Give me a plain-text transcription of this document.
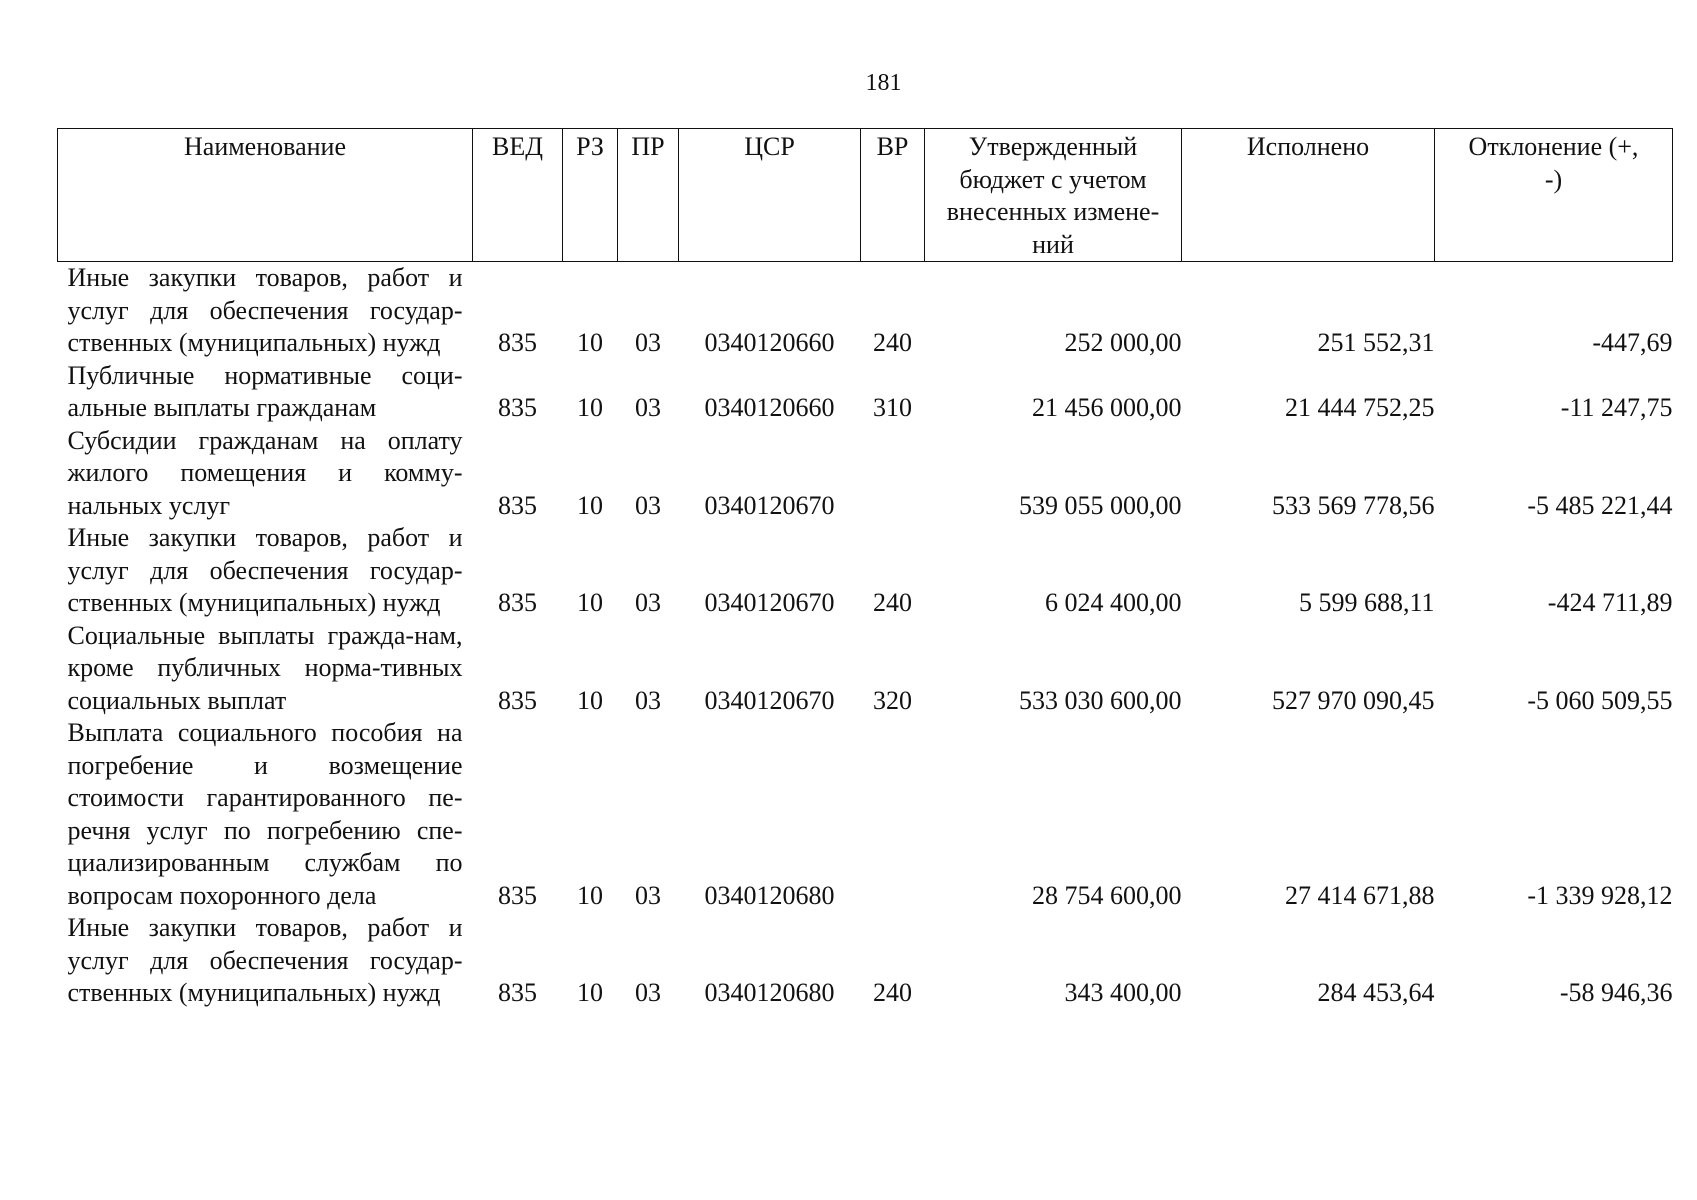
181
Наименование	ВЕД	РЗ	ПР	ЦСР	ВР	Утвержденный бюджет с учетом внесенных измене-ний	Исполнено	Отклонение (+, -)
Иные закупки товаров, работ и услуг для обеспечения государ-ственных (муниципальных) нужд	835	10	03	0340120660	240	252 000,00	251 552,31	-447,69
Публичные нормативные соци-альные выплаты гражданам	835	10	03	0340120660	310	21 456 000,00	21 444 752,25	-11 247,75
Субсидии гражданам на оплату жилого помещения и комму-нальных услуг	835	10	03	0340120670		539 055 000,00	533 569 778,56	-5 485 221,44
Иные закупки товаров, работ и услуг для обеспечения государ-ственных (муниципальных) нужд	835	10	03	0340120670	240	6 024 400,00	5 599 688,11	-424 711,89
Социальные выплаты гражда-нам, кроме публичных норма-тивных социальных выплат	835	10	03	0340120670	320	533 030 600,00	527 970 090,45	-5 060 509,55
Выплата социального пособия на погребение и возмещение стоимости гарантированного пе-речня услуг по погребению спе-циализированным службам по вопросам похоронного дела	835	10	03	0340120680		28 754 600,00	27 414 671,88	-1 339 928,12
Иные закупки товаров, работ и услуг для обеспечения государ-ственных (муниципальных) нужд	835	10	03	0340120680	240	343 400,00	284 453,64	-58 946,36
